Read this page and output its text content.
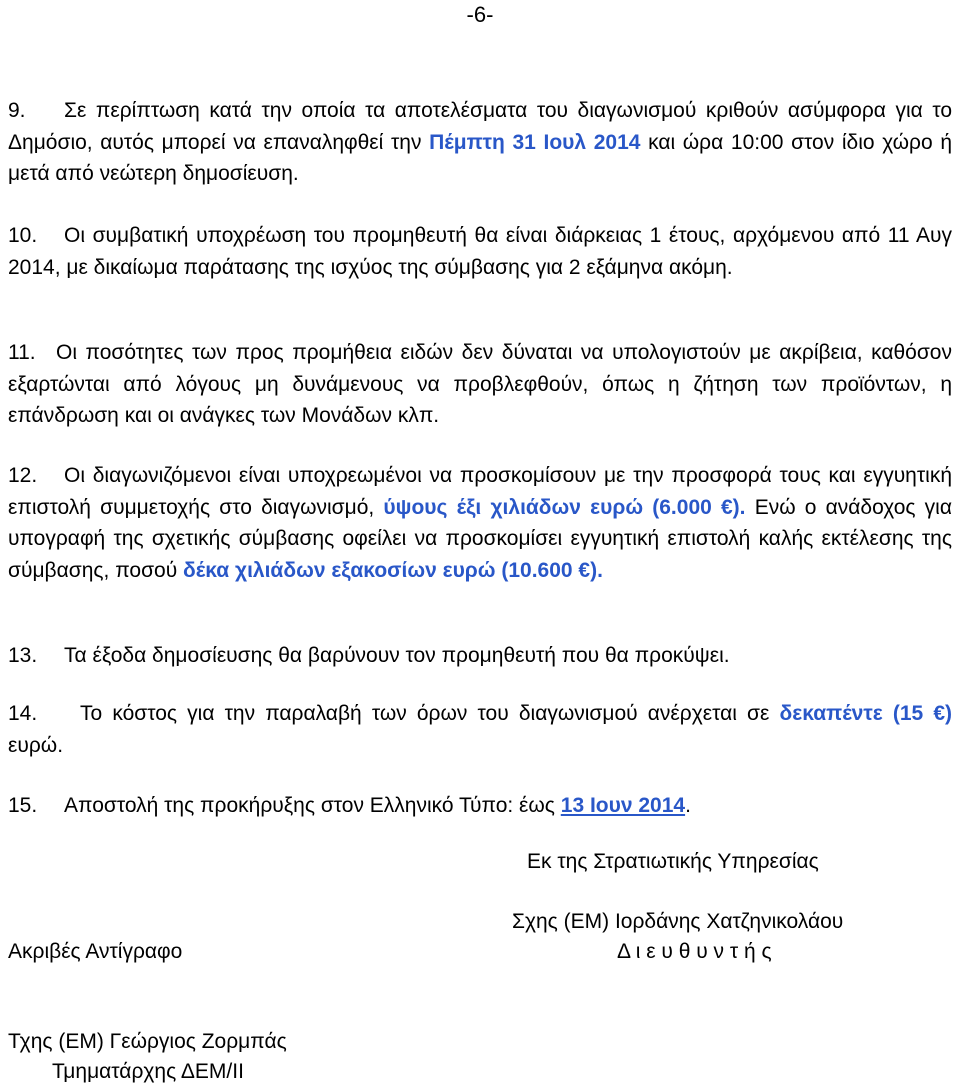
-6-
9. Σε περίπτωση κατά την οποία τα αποτελέσματα του διαγωνισμού κριθούν ασύμφορα για το Δημόσιο, αυτός μπορεί να επαναληφθεί την Πέμπτη 31 Ιουλ 2014 και ώρα 10:00 στον ίδιο χώρο ή μετά από νεώτερη δημοσίευση.
10. Οι συμβατική υποχρέωση του προμηθευτή θα είναι διάρκειας 1 έτους, αρχόμενου από 11 Αυγ 2014, με δικαίωμα παράτασης της ισχύος της σύμβασης για 2 εξάμηνα ακόμη.
11. Οι ποσότητες των προς προμήθεια ειδών δεν δύναται να υπολογιστούν με ακρίβεια, καθόσον εξαρτώνται από λόγους μη δυνάμενους να προβλεφθούν, όπως η ζήτηση των προϊόντων, η επάνδρωση και οι ανάγκες των Μονάδων κλπ.
12. Οι διαγωνιζόμενοι είναι υποχρεωμένοι να προσκομίσουν με την προσφορά τους και εγγυητική επιστολή συμμετοχής στο διαγωνισμό, ύψους έξι χιλιάδων ευρώ (6.000 €). Ενώ ο ανάδοχος για υπογραφή της σχετικής σύμβασης οφείλει να προσκομίσει εγγυητική επιστολή καλής εκτέλεσης της σύμβασης, ποσού δέκα χιλιάδων εξακοσίων ευρώ (10.600 €).
13. Τα έξοδα δημοσίευσης θα βαρύνουν τον προμηθευτή που θα προκύψει.
14. Το κόστος για την παραλαβή των όρων του διαγωνισμού ανέρχεται σε δεκαπέντε (15 €) ευρώ.
15. Αποστολή της προκήρυξης στον Ελληνικό Τύπο: έως 13 Ιουν 2014.
Εκ της Στρατιωτικής Υπηρεσίας
Σχης (ΕΜ) Ιορδάνης Χατζηνικολάου
Δ ι ε υ θ υ ν τ ή ς
Ακριβές Αντίγραφο
Τχης (ΕΜ) Γεώργιος Ζορμπάς
Τμηματάρχης ΔΕΜ/ΙΙ
